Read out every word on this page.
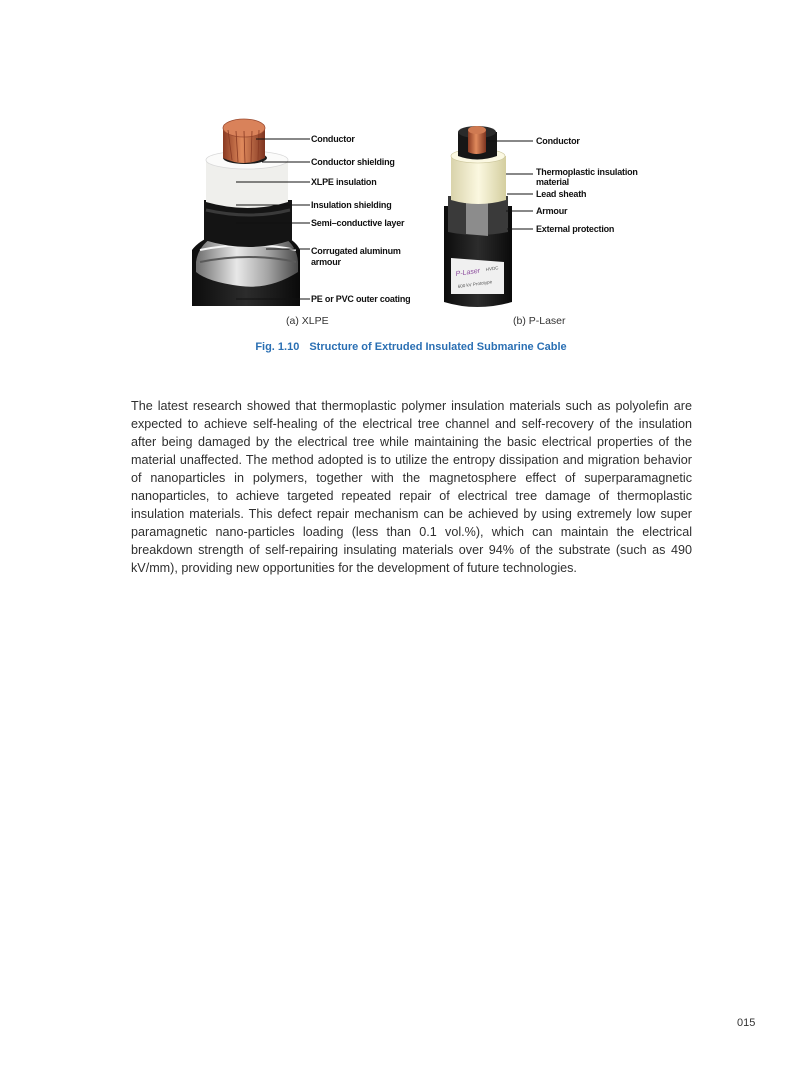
P-Laser HVDC
600 kV Prototype
Conductor
Conductor shielding
XLPE insulation
Insulation shielding
Semi–conductive layer
Corrugated aluminum
armour
PE or PVC outer coating
Conductor
Thermoplastic insulation
material
Lead sheath
Armour
External protection
(a) XLPE	(b) P-Laser
Fig. 1.10 Structure of Extruded Insulated Submarine Cable
The latest research showed that thermoplastic polymer insulation materials such as polyolefin are expected to achieve self-healing of the electrical tree channel and self-recovery of the insulation after being damaged by the electrical tree while maintaining the basic electrical properties of the material unaffected. The method adopted is to utilize the entropy dissipation and migration behavior of nanoparticles in polymers, together with the magnetosphere effect of superparamagnetic nanoparticles, to achieve targeted repeated repair of electrical tree damage of thermoplastic insulation materials. This defect repair mechanism can be achieved by using extremely low super paramagnetic nano-particles loading (less than 0.1 vol.%), which can maintain the electrical breakdown strength of self-repairing insulating materials over 94% of the substrate (such as 490 kV/mm), providing new opportunities for the development of future technologies.
015
